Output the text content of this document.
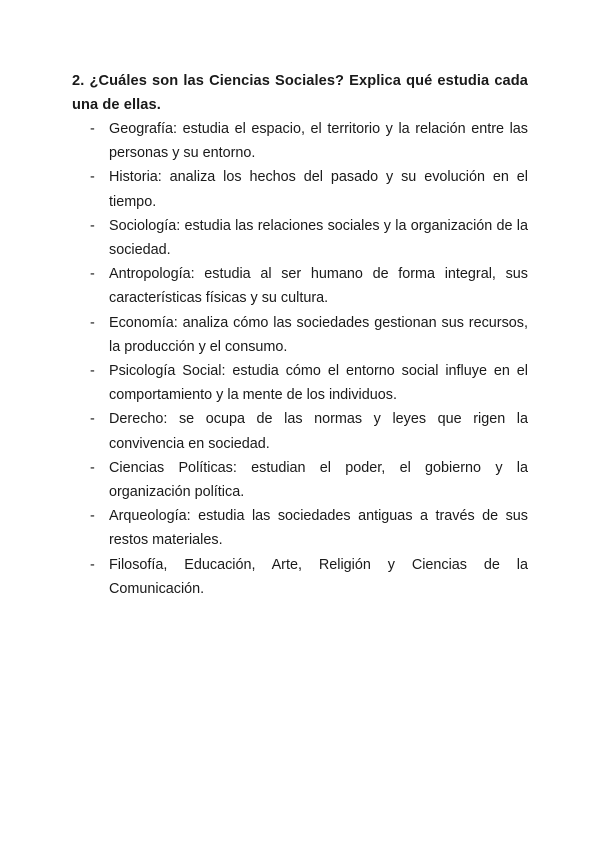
2. ¿Cuáles son las Ciencias Sociales? Explica qué estudia cada una de ellas.

- Geografía: estudia el espacio, el territorio y la relación entre las personas y su entorno.
- Historia: analiza los hechos del pasado y su evolución en el tiempo.
- Sociología: estudia las relaciones sociales y la organización de la sociedad.
- Antropología: estudia al ser humano de forma integral, sus características físicas y su cultura.
- Economía: analiza cómo las sociedades gestionan sus recursos, la producción y el consumo.
- Psicología Social: estudia cómo el entorno social influye en el comportamiento y la mente de los individuos.
- Derecho: se ocupa de las normas y leyes que rigen la convivencia en sociedad.
- Ciencias Políticas: estudian el poder, el gobierno y la organización política.
- Arqueología: estudia las sociedades antiguas a través de sus restos materiales.
- Filosofía, Educación, Arte, Religión y Ciencias de la Comunicación.
